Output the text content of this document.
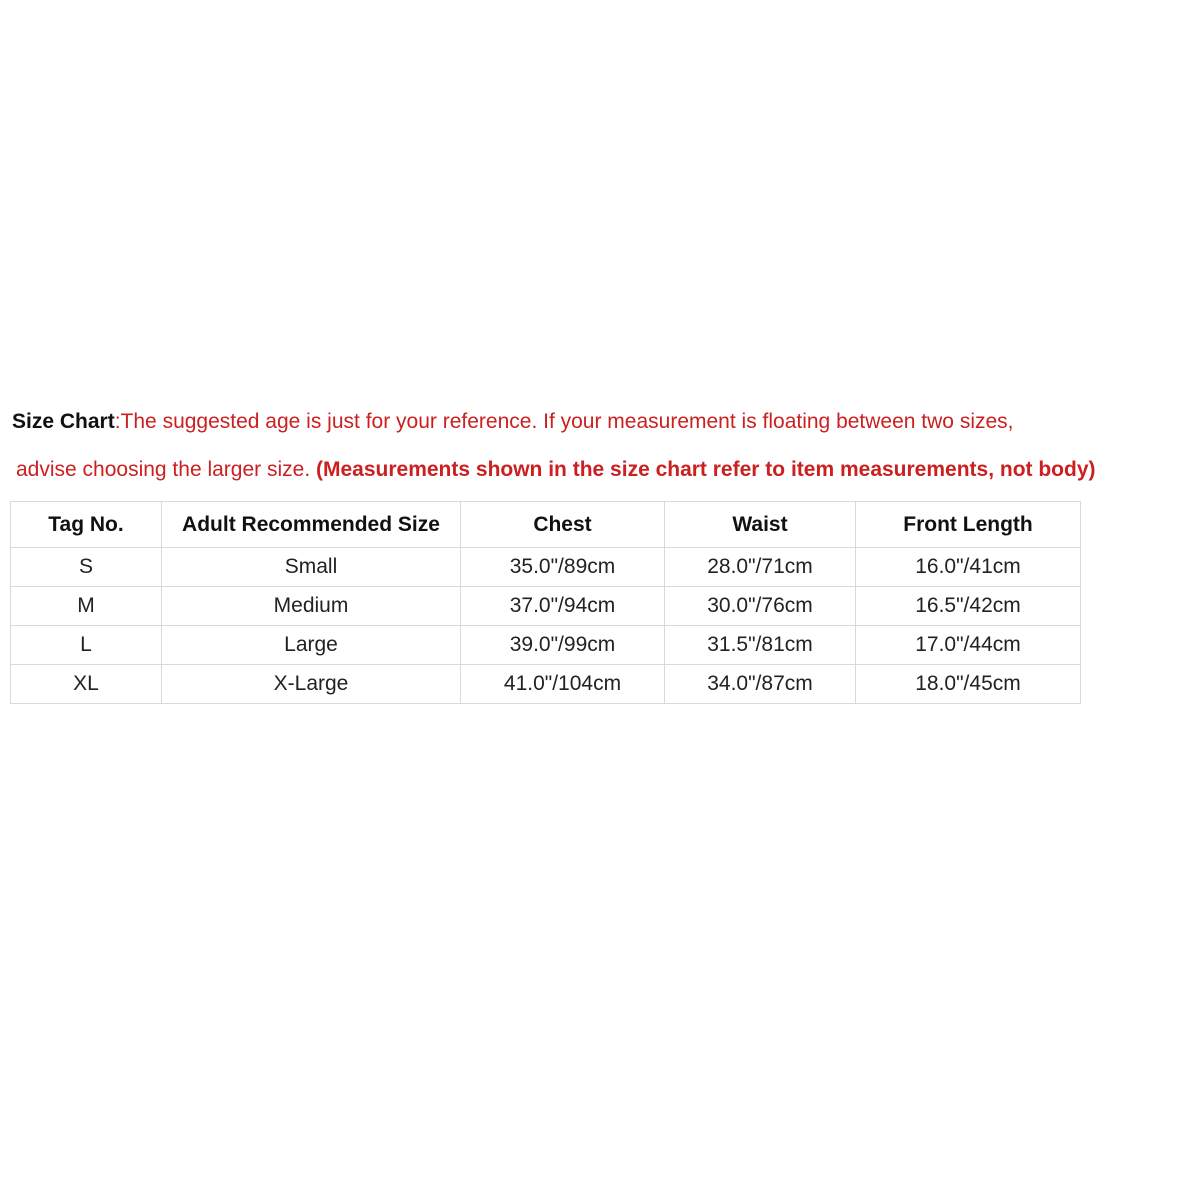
Size Chart:The suggested age is just for your reference. If your measurement is floating between two sizes,
advise choosing the larger size. (Measurements shown in the size chart refer to item measurements, not body)
Tag No.	Adult Recommended Size	Chest	Waist	Front Length
S	Small	35.0"/89cm	28.0"/71cm	16.0"/41cm
M	Medium	37.0"/94cm	30.0"/76cm	16.5"/42cm
L	Large	39.0"/99cm	31.5"/81cm	17.0"/44cm
XL	X-Large	41.0"/104cm	34.0"/87cm	18.0"/45cm
